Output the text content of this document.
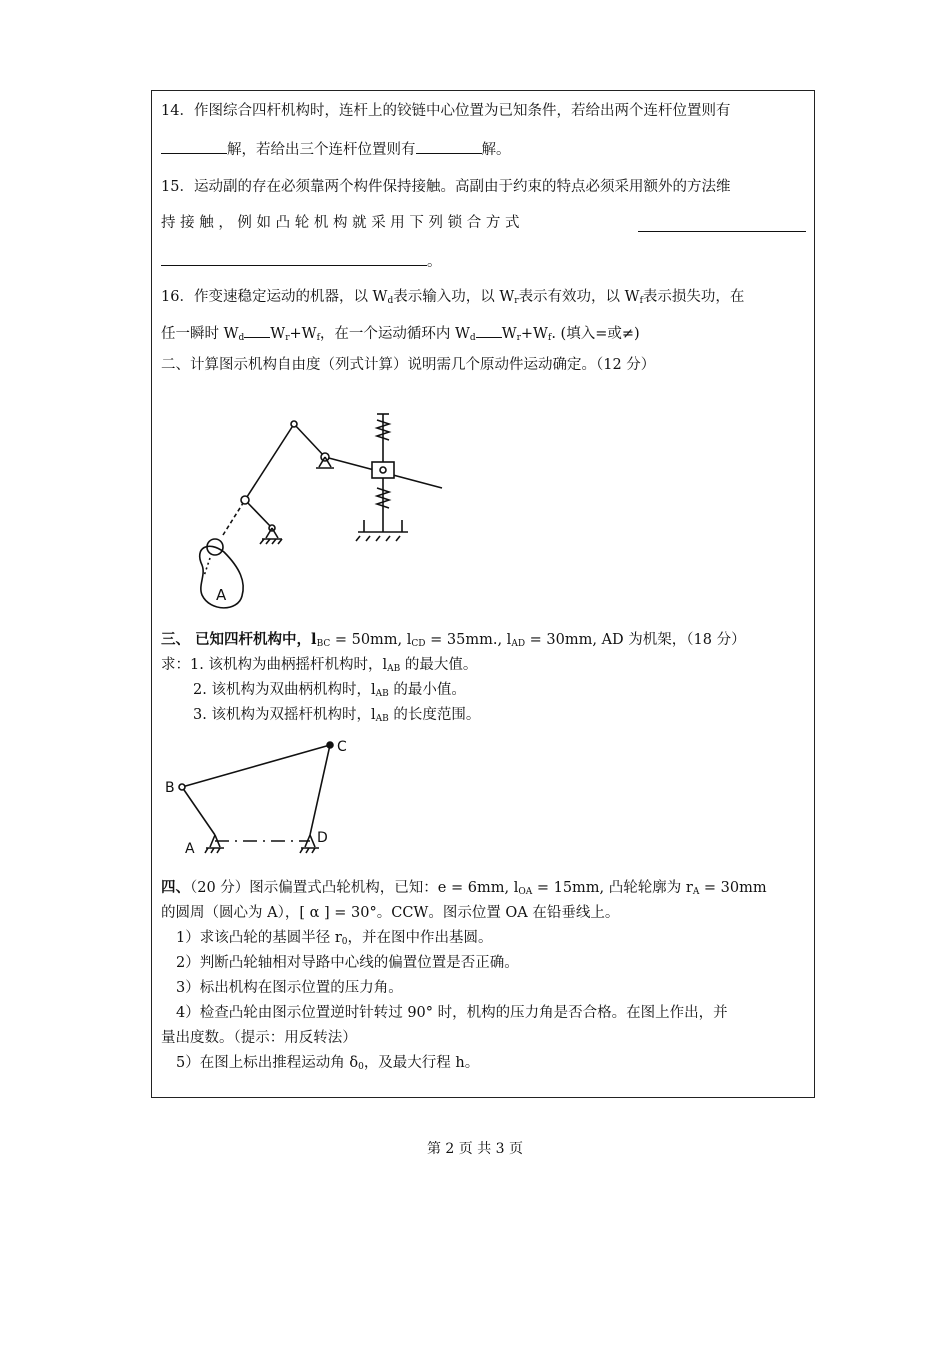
14．作图综合四杆机构时，连杆上的铰链中心位置为已知条件，若给出两个连杆位置则有
解，若给出三个连杆位置则有	解。
15．运动副的存在必须靠两个构件保持接触。高副由于约束的特点必须采用额外的方法维
持 接 触 ， 例 如 凸 轮 机 构 就 采 用 下 列 锁 合 方 式
。
16．作变速稳定运动的机器，以 $W_d$表示输入功，以 $W_r$表示有效功，以 $W_f$表示损失功，在
任一瞬时 $W_d$ $W_r+W_f$，在一个运动循环内 $W_d$ $W_r+W_f$. (填入=或≠)
二、计算图示机构自由度（列式计算）说明需几个原动件运动确定。（12 分）
A
三、 已知四杆机构中，$l_{BC} = 50mm$, $l_{CD} = 35mm$., $l_{AD} = 30mm$, AD 为机架，（18 分）
求：1. 该机构为曲柄摇杆机构时，$l_{AB}$ 的最大值。
2. 该机构为双曲柄机构时，$l_{AB}$ 的最小值。
3. 该机构为双摇杆机构时，$l_{AB}$ 的长度范围。
A
B
C
D
四、（20 分）图示偏置式凸轮机构，已知：e = 6mm, $l_{OA} = 15mm$, 凸轮轮廓为 $r_A = 30mm$
的圆周（圆心为 A），[ α ] = 30°。CCW。图示位置 OA 在铅垂线上。
1）求该凸轮的基圆半径 $r_0$，并在图中作出基圆。
2）判断凸轮轴相对导路中心线的偏置位置是否正确。
3）标出机构在图示位置的压力角。
4）检查凸轮由图示位置逆时针转过 90° 时，机构的压力角是否合格。在图上作出，并
量出度数。（提示：用反转法）
5）在图上标出推程运动角 $\delta_0$，及最大行程 h。
第 2 页 共 3 页
